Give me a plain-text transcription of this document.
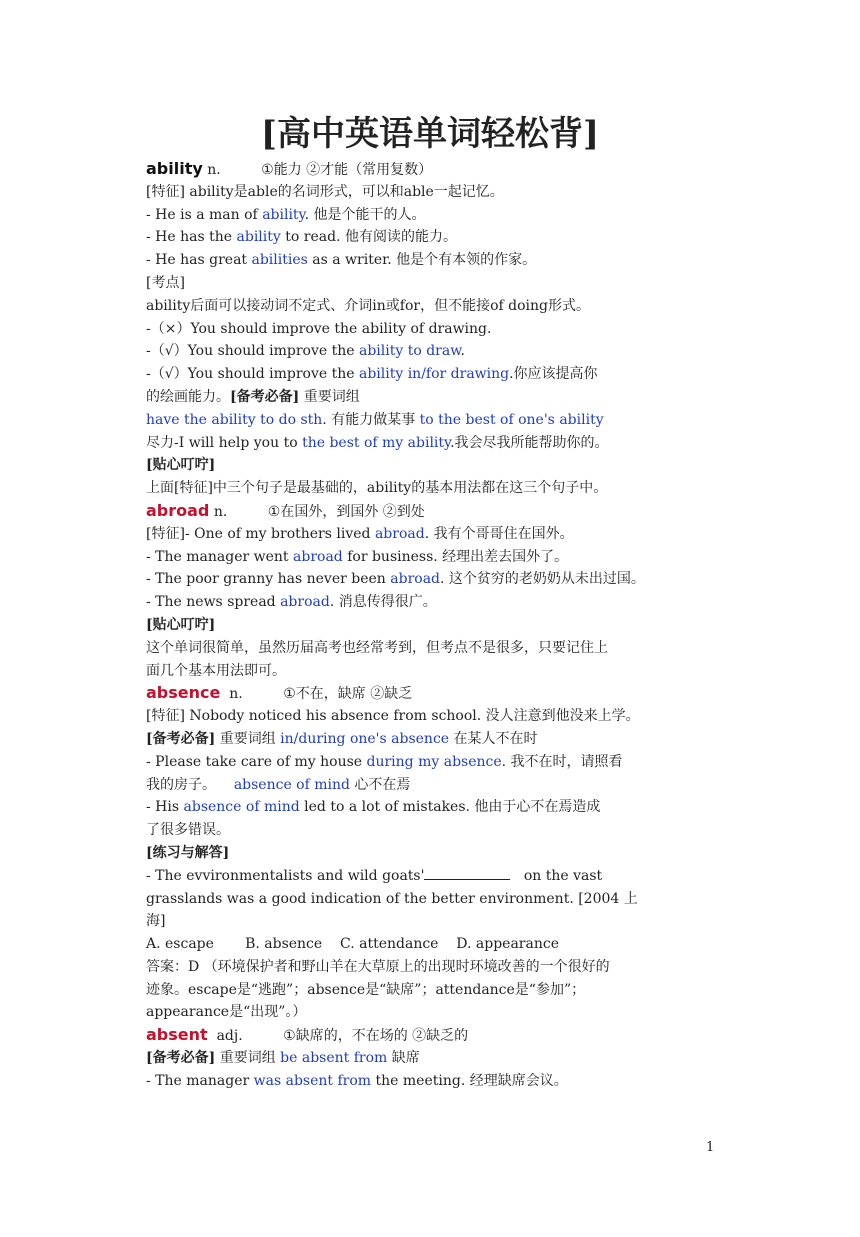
[高中英语单词轻松背]
ability n.	①能力 ②才能（常用复数）
[特征] ability是able的名词形式，可以和able一起记忆。
- He is a man of ability. 他是个能干的人。
- He has the ability to read. 他有阅读的能力。
- He has great abilities as a writer. 他是个有本领的作家。
[考点]
ability后面可以接动词不定式、介词in或for，但不能接of doing形式。
-（×）You should improve the ability of drawing.
-（√）You should improve the ability to draw.
-（√）You should improve the ability in/for drawing.你应该提高你
的绘画能力。[备考必备] 重要词组
have the ability to do sth. 有能力做某事 to the best of one's ability
尽力-I will help you to the best of my ability.我会尽我所能帮助你的。
[贴心叮咛]
上面[特征]中三个句子是最基础的，ability的基本用法都在这三个句子中。
abroad n.	①在国外，到国外 ②到处
[特征]- One of my brothers lived abroad. 我有个哥哥住在国外。
- The manager went abroad for business. 经理出差去国外了。
- The poor granny has never been abroad. 这个贫穷的老奶奶从未出过国。
- The news spread abroad. 消息传得很广。
[贴心叮咛]
这个单词很简单，虽然历届高考也经常考到，但考点不是很多，只要记住上
面几个基本用法即可。
absence n.	①不在，缺席 ②缺乏
[特征] Nobody noticed his absence from school. 没人注意到他没来上学。
[备考必备] 重要词组 in/during one's absence 在某人不在时
- Please take care of my house during my absence. 我不在时，请照看
我的房子。 absence of mind 心不在焉
- His absence of mind led to a lot of mistakes. 他由于心不在焉造成
了很多错误。
[练习与解答]
- The evvironmentalists and wild goats'	on the vast
grasslands was a good indication of the better environment. [2004 上
海]
A. escape B. absence C. attendance D. appearance
答案：D （环境保护者和野山羊在大草原上的出现时环境改善的一个很好的
迹象。escape是“逃跑”；absence是“缺席”；attendance是“参加”；
appearance是“出现”。）
absent adj.	①缺席的，不在场的 ②缺乏的
[备考必备] 重要词组 be absent from 缺席
- The manager was absent from the meeting. 经理缺席会议。
1
